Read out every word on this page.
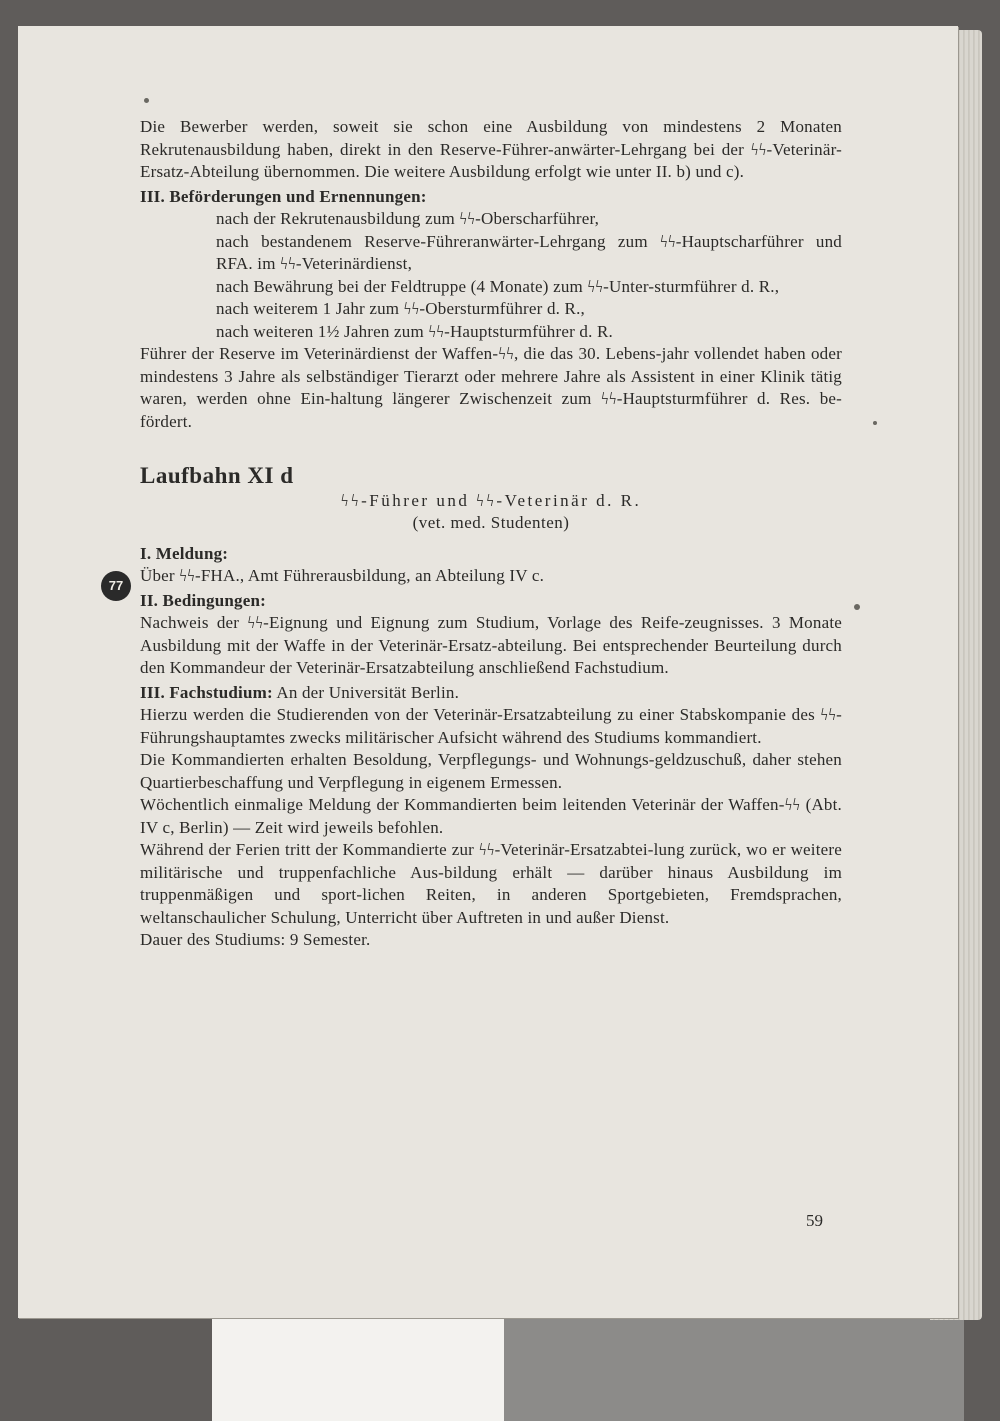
77

Die Bewerber werden, soweit sie schon eine Ausbildung von mindestens 2 Monaten Rekrutenausbildung haben, direkt in den Reserve-Führer-anwärter-Lehrgang bei der ϟϟ-Veterinär-Ersatz-Abteilung übernommen. Die weitere Ausbildung erfolgt wie unter II. b) und c).

III. Beförderungen und Ernennungen:

nach der Rekrutenausbildung zum ϟϟ-Oberscharführer,

nach bestandenem Reserve-Führeranwärter-Lehrgang zum ϟϟ-Hauptscharführer und RFA. im ϟϟ-Veterinärdienst,

nach Bewährung bei der Feldtruppe (4 Monate) zum ϟϟ-Unter-sturmführer d. R.,

nach weiterem 1 Jahr zum ϟϟ-Obersturmführer d. R.,

nach weiteren 1½ Jahren zum ϟϟ-Hauptsturmführer d. R.

Führer der Reserve im Veterinärdienst der Waffen-ϟϟ, die das 30. Lebens-jahr vollendet haben oder mindestens 3 Jahre als selbständiger Tierarzt oder mehrere Jahre als Assistent in einer Klinik tätig waren, werden ohne Ein-haltung längerer Zwischenzeit zum ϟϟ-Hauptsturmführer d. Res. be-fördert.

Laufbahn XI d

ϟϟ-Führer und ϟϟ-Veterinär d. R.

(vet. med. Studenten)

I. Meldung:

Über ϟϟ-FHA., Amt Führerausbildung, an Abteilung IV c.

II. Bedingungen:

Nachweis der ϟϟ-Eignung und Eignung zum Studium, Vorlage des Reife-zeugnisses. 3 Monate Ausbildung mit der Waffe in der Veterinär-Ersatz-abteilung. Bei entsprechender Beurteilung durch den Kommandeur der Veterinär-Ersatzabteilung anschließend Fachstudium.

III. Fachstudium: An der Universität Berlin.

Hierzu werden die Studierenden von der Veterinär-Ersatzabteilung zu einer Stabskompanie des ϟϟ-Führungshauptamtes zwecks militärischer Aufsicht während des Studiums kommandiert.

Die Kommandierten erhalten Besoldung, Verpflegungs- und Wohnungs-geldzuschuß, daher stehen Quartierbeschaffung und Verpflegung in eigenem Ermessen.

Wöchentlich einmalige Meldung der Kommandierten beim leitenden Veterinär der Waffen-ϟϟ (Abt. IV c, Berlin) — Zeit wird jeweils befohlen.

Während der Ferien tritt der Kommandierte zur ϟϟ-Veterinär-Ersatzabtei-lung zurück, wo er weitere militärische und truppenfachliche Aus-bildung erhält — darüber hinaus Ausbildung im truppenmäßigen und sport-lichen Reiten, in anderen Sportgebieten, Fremdsprachen, weltanschaulicher Schulung, Unterricht über Auftreten in und außer Dienst.

Dauer des Studiums: 9 Semester.

59
